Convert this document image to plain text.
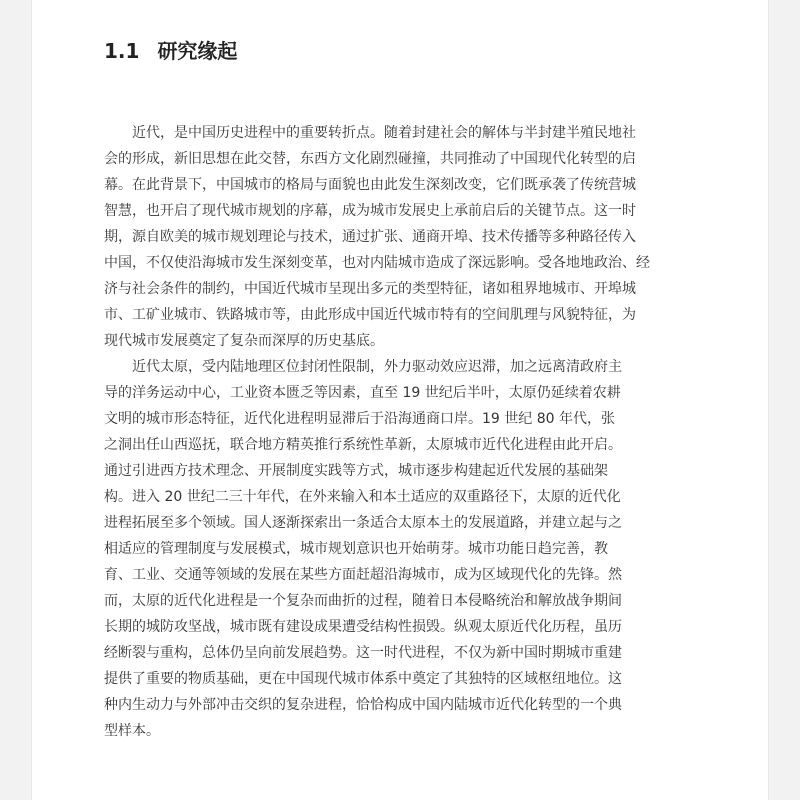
1.1 研究缘起
　　近代，是中国历史进程中的重要转折点。随着封建社会的解体与半封建半殖民地社
会的形成，新旧思想在此交替，东西方文化剧烈碰撞，共同推动了中国现代化转型的启
幕。在此背景下，中国城市的格局与面貌也由此发生深刻改变，它们既承袭了传统营城
智慧，也开启了现代城市规划的序幕，成为城市发展史上承前启后的关键节点。这一时
期，源自欧美的城市规划理论与技术，通过扩张、通商开埠、技术传播等多种路径传入
中国，不仅使沿海城市发生深刻变革，也对内陆城市造成了深远影响。受各地地政治、经
济与社会条件的制约，中国近代城市呈现出多元的类型特征，诸如租界地城市、开埠城
市、工矿业城市、铁路城市等，由此形成中国近代城市特有的空间肌理与风貌特征，为
现代城市发展奠定了复杂而深厚的历史基底。
　　近代太原，受内陆地理区位封闭性限制，外力驱动效应迟滞，加之远离清政府主
导的洋务运动中心，工业资本匮乏等因素，直至 19 世纪后半叶，太原仍延续着农耕
文明的城市形态特征，近代化进程明显滞后于沿海通商口岸。19 世纪 80 年代，张
之洞出任山西巡抚，联合地方精英推行系统性革新，太原城市近代化进程由此开启。
通过引进西方技术理念、开展制度实践等方式，城市逐步构建起近代发展的基础架
构。进入 20 世纪二三十年代，在外来输入和本土适应的双重路径下，太原的近代化
进程拓展至多个领域。国人逐渐探索出一条适合太原本土的发展道路，并建立起与之
相适应的管理制度与发展模式，城市规划意识也开始萌芽。城市功能日趋完善，教
育、工业、交通等领域的发展在某些方面赶超沿海城市，成为区域现代化的先锋。然
而，太原的近代化进程是一个复杂而曲折的过程，随着日本侵略统治和解放战争期间
长期的城防攻坚战，城市既有建设成果遭受结构性损毁。纵观太原近代化历程，虽历
经断裂与重构，总体仍呈向前发展趋势。这一时代进程，不仅为新中国时期城市重建
提供了重要的物质基础，更在中国现代城市体系中奠定了其独特的区域枢纽地位。这
种内生动力与外部冲击交织的复杂进程，恰恰构成中国内陆城市近代化转型的一个典
型样本。
